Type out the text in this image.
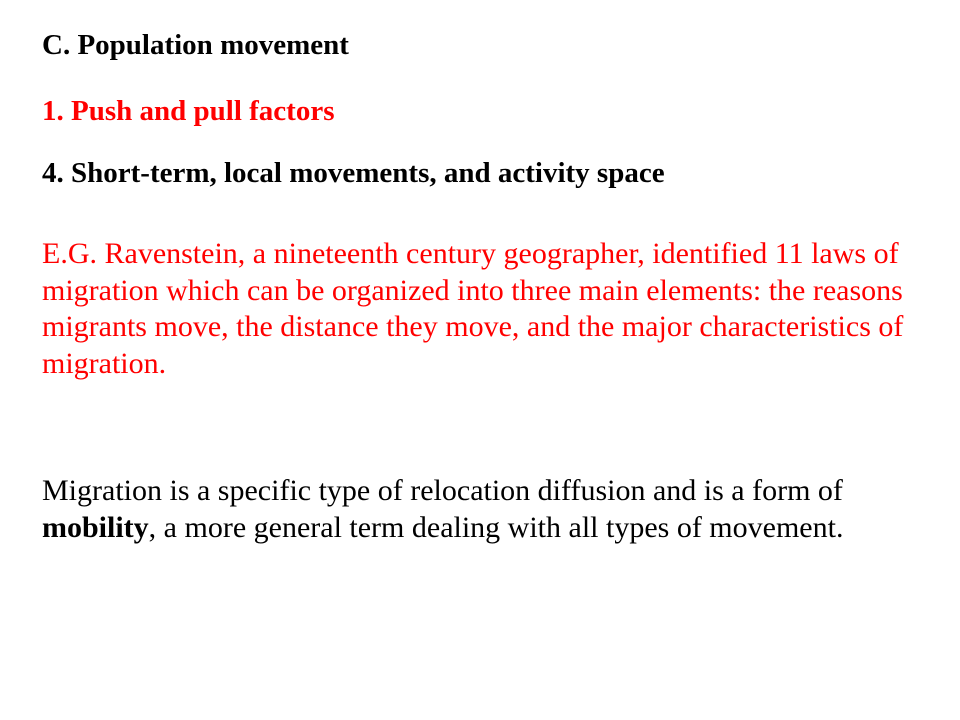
C. Population movement
1. Push and pull factors
4. Short-term, local movements, and activity space

E.G. Ravenstein, a nineteenth century geographer, identified 11 laws of migration which can be organized into three main elements: the reasons migrants move, the distance they move, and the major characteristics of migration.

Migration is a specific type of relocation diffusion and is a form of mobility, a more general term dealing with all types of movement.
